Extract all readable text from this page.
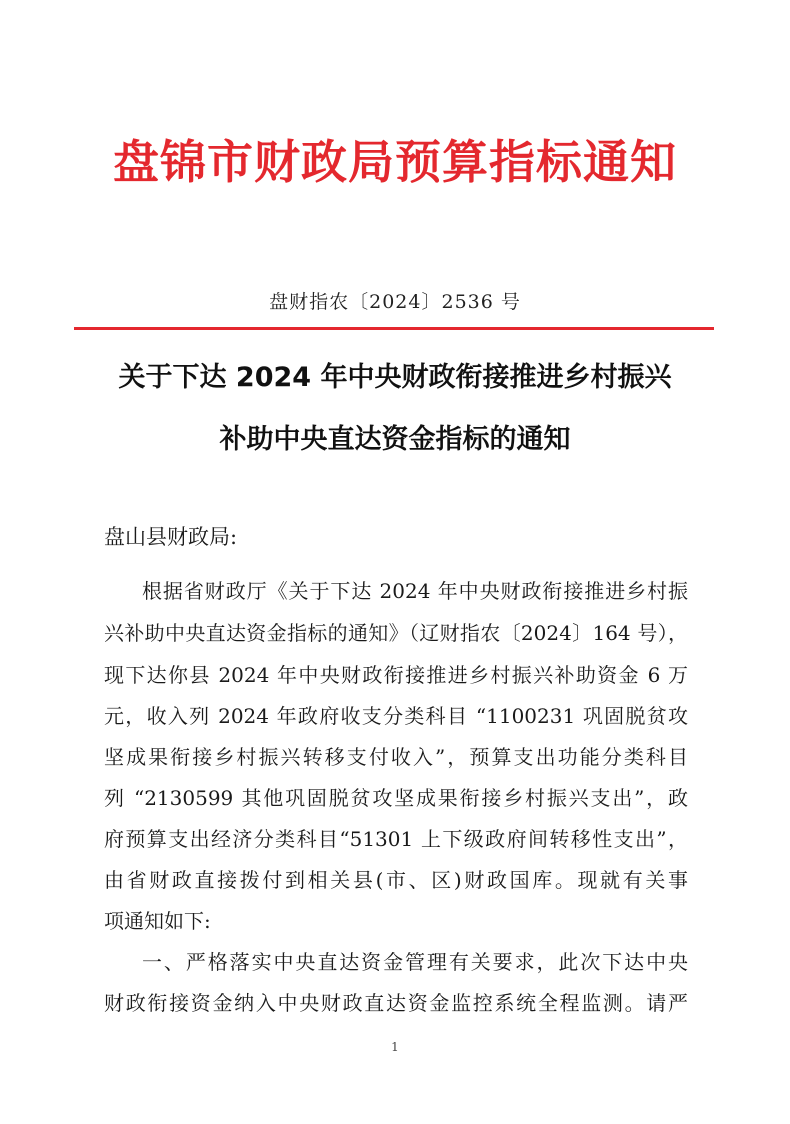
盘锦市财政局预算指标通知
盘财指农〔2024〕2536 号
关于下达 2024 年中央财政衔接推进乡村振兴
补助中央直达资金指标的通知
盘山县财政局:
根据省财政厅《关于下达 2024 年中央财政衔接推进乡村振
兴补助中央直达资金指标的通知》（辽财指农〔2024〕164 号），
现下达你县 2024 年中央财政衔接推进乡村振兴补助资金 6 万
元，收入列 2024 年政府收支分类科目 “1100231 巩固脱贫攻
坚成果衔接乡村振兴转移支付收入”，预算支出功能分类科目
列 “2130599 其他巩固脱贫攻坚成果衔接乡村振兴支出”，政
府预算支出经济分类科目“51301 上下级政府间转移性支出”，
由省财政直接拨付到相关县(市、区)财政国库。现就有关事
项通知如下:
一、严格落实中央直达资金管理有关要求，此次下达中央
财政衔接资金纳入中央财政直达资金监控系统全程监测。请严
1
